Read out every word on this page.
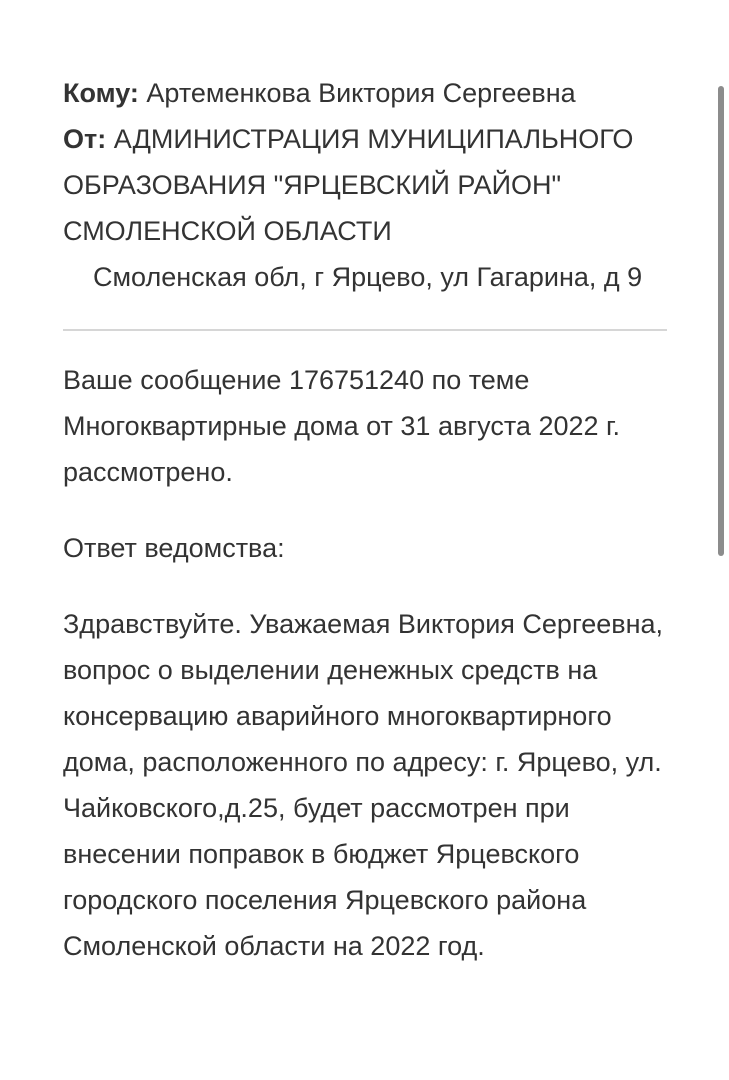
Кому: Артеменкова Виктория Сергеевна
От: АДМИНИСТРАЦИЯ МУНИЦИПАЛЬНОГО ОБРАЗОВАНИЯ "ЯРЦЕВСКИЙ РАЙОН" СМОЛЕНСКОЙ ОБЛАСТИ
Смоленская обл, г Ярцево, ул Гагарина, д 9

Ваше сообщение 176751240 по теме Многоквартирные дома от 31 августа 2022 г. рассмотрено.

Ответ ведомства:

Здравствуйте. Уважаемая Виктория Сергеевна, вопрос о выделении денежных средств на консервацию аварийного многоквартирного дома, расположенного по адресу: г. Ярцево, ул. Чайковского,д.25, будет рассмотрен при внесении поправок в бюджет Ярцевского городского поселения Ярцевского района Смоленской области на 2022 год.
